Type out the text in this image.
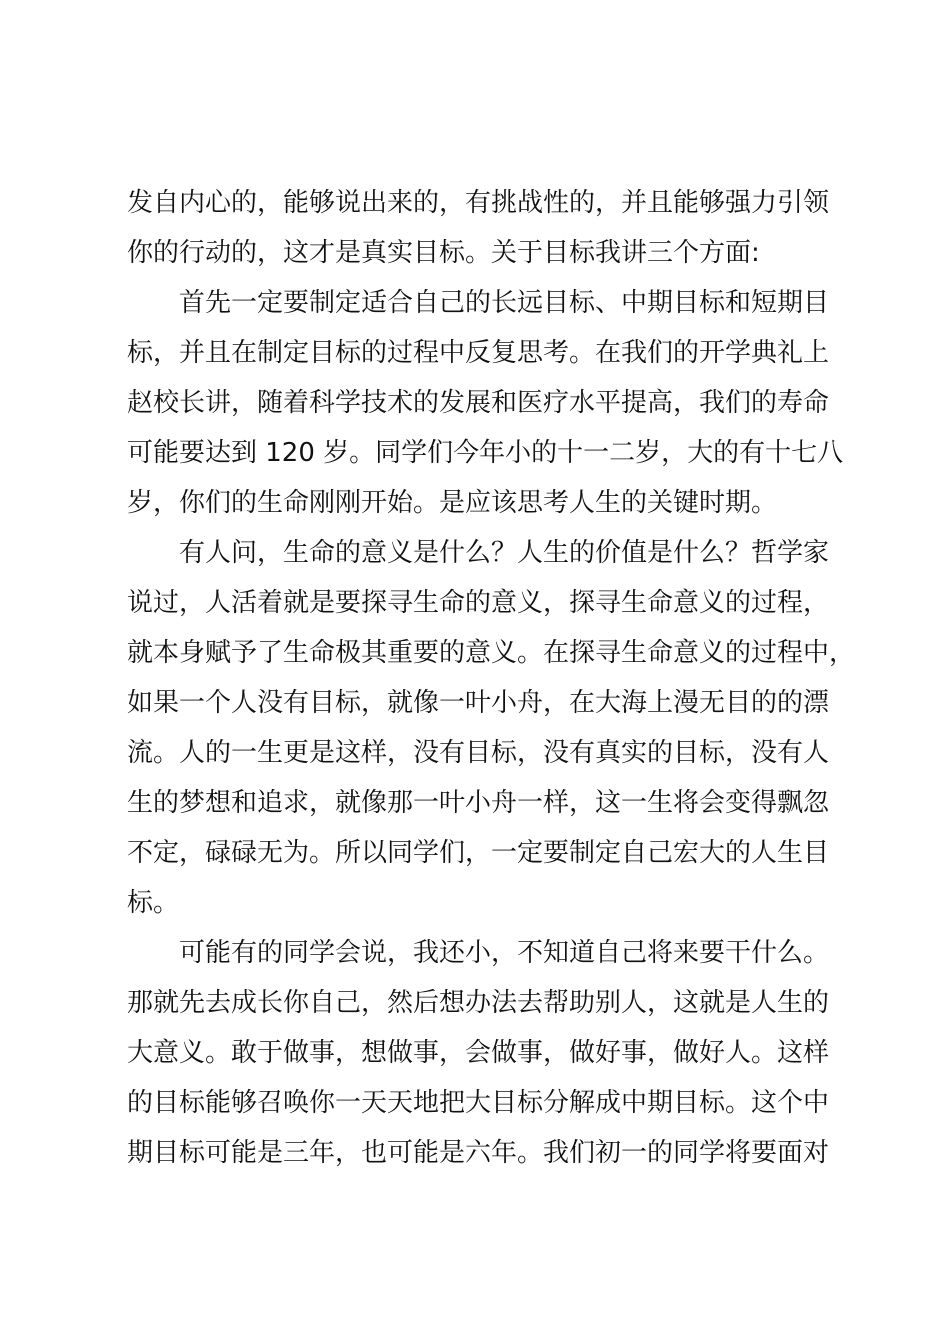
发自内心的，能够说出来的，有挑战性的，并且能够强力引领
你的行动的，这才是真实目标。关于目标我讲三个方面:
首先一定要制定适合自己的长远目标、中期目标和短期目
标，并且在制定目标的过程中反复思考。在我们的开学典礼上
赵校长讲，随着科学技术的发展和医疗水平提高，我们的寿命
可能要达到 120 岁。同学们今年小的十一二岁，大的有十七八
岁，你们的生命刚刚开始。是应该思考人生的关键时期。
有人问，生命的意义是什么？人生的价值是什么？哲学家
说过，人活着就是要探寻生命的意义，探寻生命意义的过程，
就本身赋予了生命极其重要的意义。在探寻生命意义的过程中，
如果一个人没有目标，就像一叶小舟，在大海上漫无目的的漂
流。人的一生更是这样，没有目标，没有真实的目标，没有人
生的梦想和追求，就像那一叶小舟一样，这一生将会变得飘忽
不定，碌碌无为。所以同学们，一定要制定自己宏大的人生目
标。
可能有的同学会说，我还小，不知道自己将来要干什么。
那就先去成长你自己，然后想办法去帮助别人，这就是人生的
大意义。敢于做事，想做事，会做事，做好事，做好人。这样
的目标能够召唤你一天天地把大目标分解成中期目标。这个中
期目标可能是三年，也可能是六年。我们初一的同学将要面对
